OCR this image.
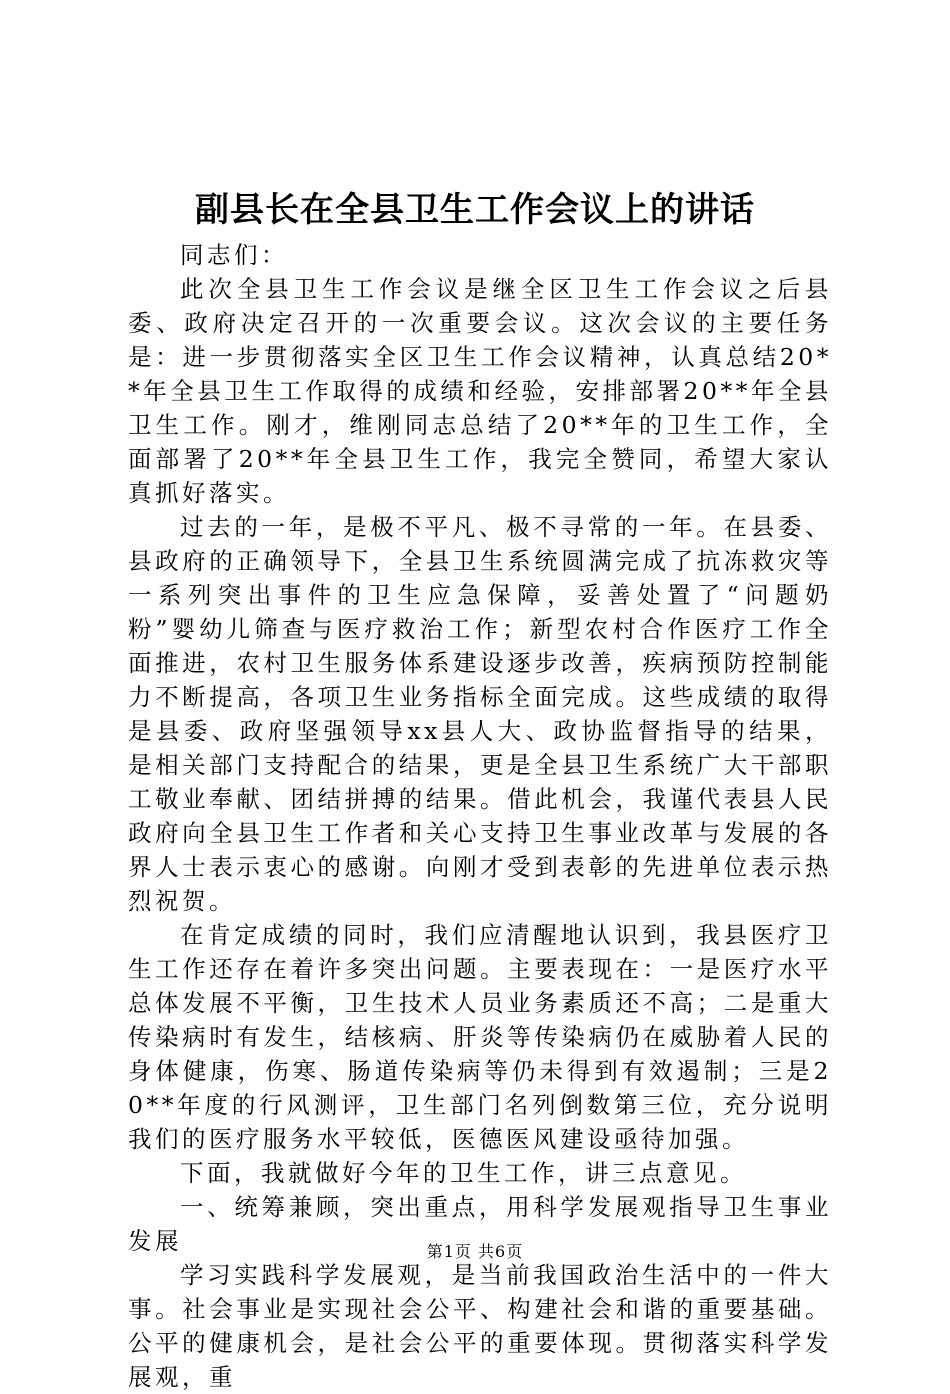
副县长在全县卫生工作会议上的讲话

同志们：

此次全县卫生工作会议是继全区卫生工作会议之后县委、政府决定召开的一次重要会议。这次会议的主要任务是：进一步贯彻落实全区卫生工作会议精神，认真总结20**年全县卫生工作取得的成绩和经验，安排部署20**年全县卫生工作。刚才，维刚同志总结了20**年的卫生工作，全面部署了20**年全县卫生工作，我完全赞同，希望大家认真抓好落实。

过去的一年，是极不平凡、极不寻常的一年。在县委、县政府的正确领导下，全县卫生系统圆满完成了抗冻救灾等一系列突出事件的卫生应急保障，妥善处置了“问题奶粉”婴幼儿筛查与医疗救治工作；新型农村合作医疗工作全面推进，农村卫生服务体系建设逐步改善，疾病预防控制能力不断提高，各项卫生业务指标全面完成。这些成绩的取得是县委、政府坚强领导xx县人大、政协监督指导的结果，是相关部门支持配合的结果，更是全县卫生系统广大干部职工敬业奉献、团结拼搏的结果。借此机会，我谨代表县人民政府向全县卫生工作者和关心支持卫生事业改革与发展的各界人士表示衷心的感谢。向刚才受到表彰的先进单位表示热烈祝贺。

在肯定成绩的同时，我们应清醒地认识到，我县医疗卫生工作还存在着许多突出问题。主要表现在：一是医疗水平总体发展不平衡，卫生技术人员业务素质还不高；二是重大传染病时有发生，结核病、肝炎等传染病仍在威胁着人民的身体健康，伤寒、肠道传染病等仍未得到有效遏制；三是20**年度的行风测评，卫生部门名列倒数第三位，充分说明我们的医疗服务水平较低，医德医风建设亟待加强。

下面，我就做好今年的卫生工作，讲三点意见。

一、统筹兼顾，突出重点，用科学发展观指导卫生事业发展

学习实践科学发展观，是当前我国政治生活中的一件大事。社会事业是实现社会公平、构建社会和谐的重要基础。公平的健康机会，是社会公平的重要体现。贯彻落实科学发展观，重

第1页 共6页
